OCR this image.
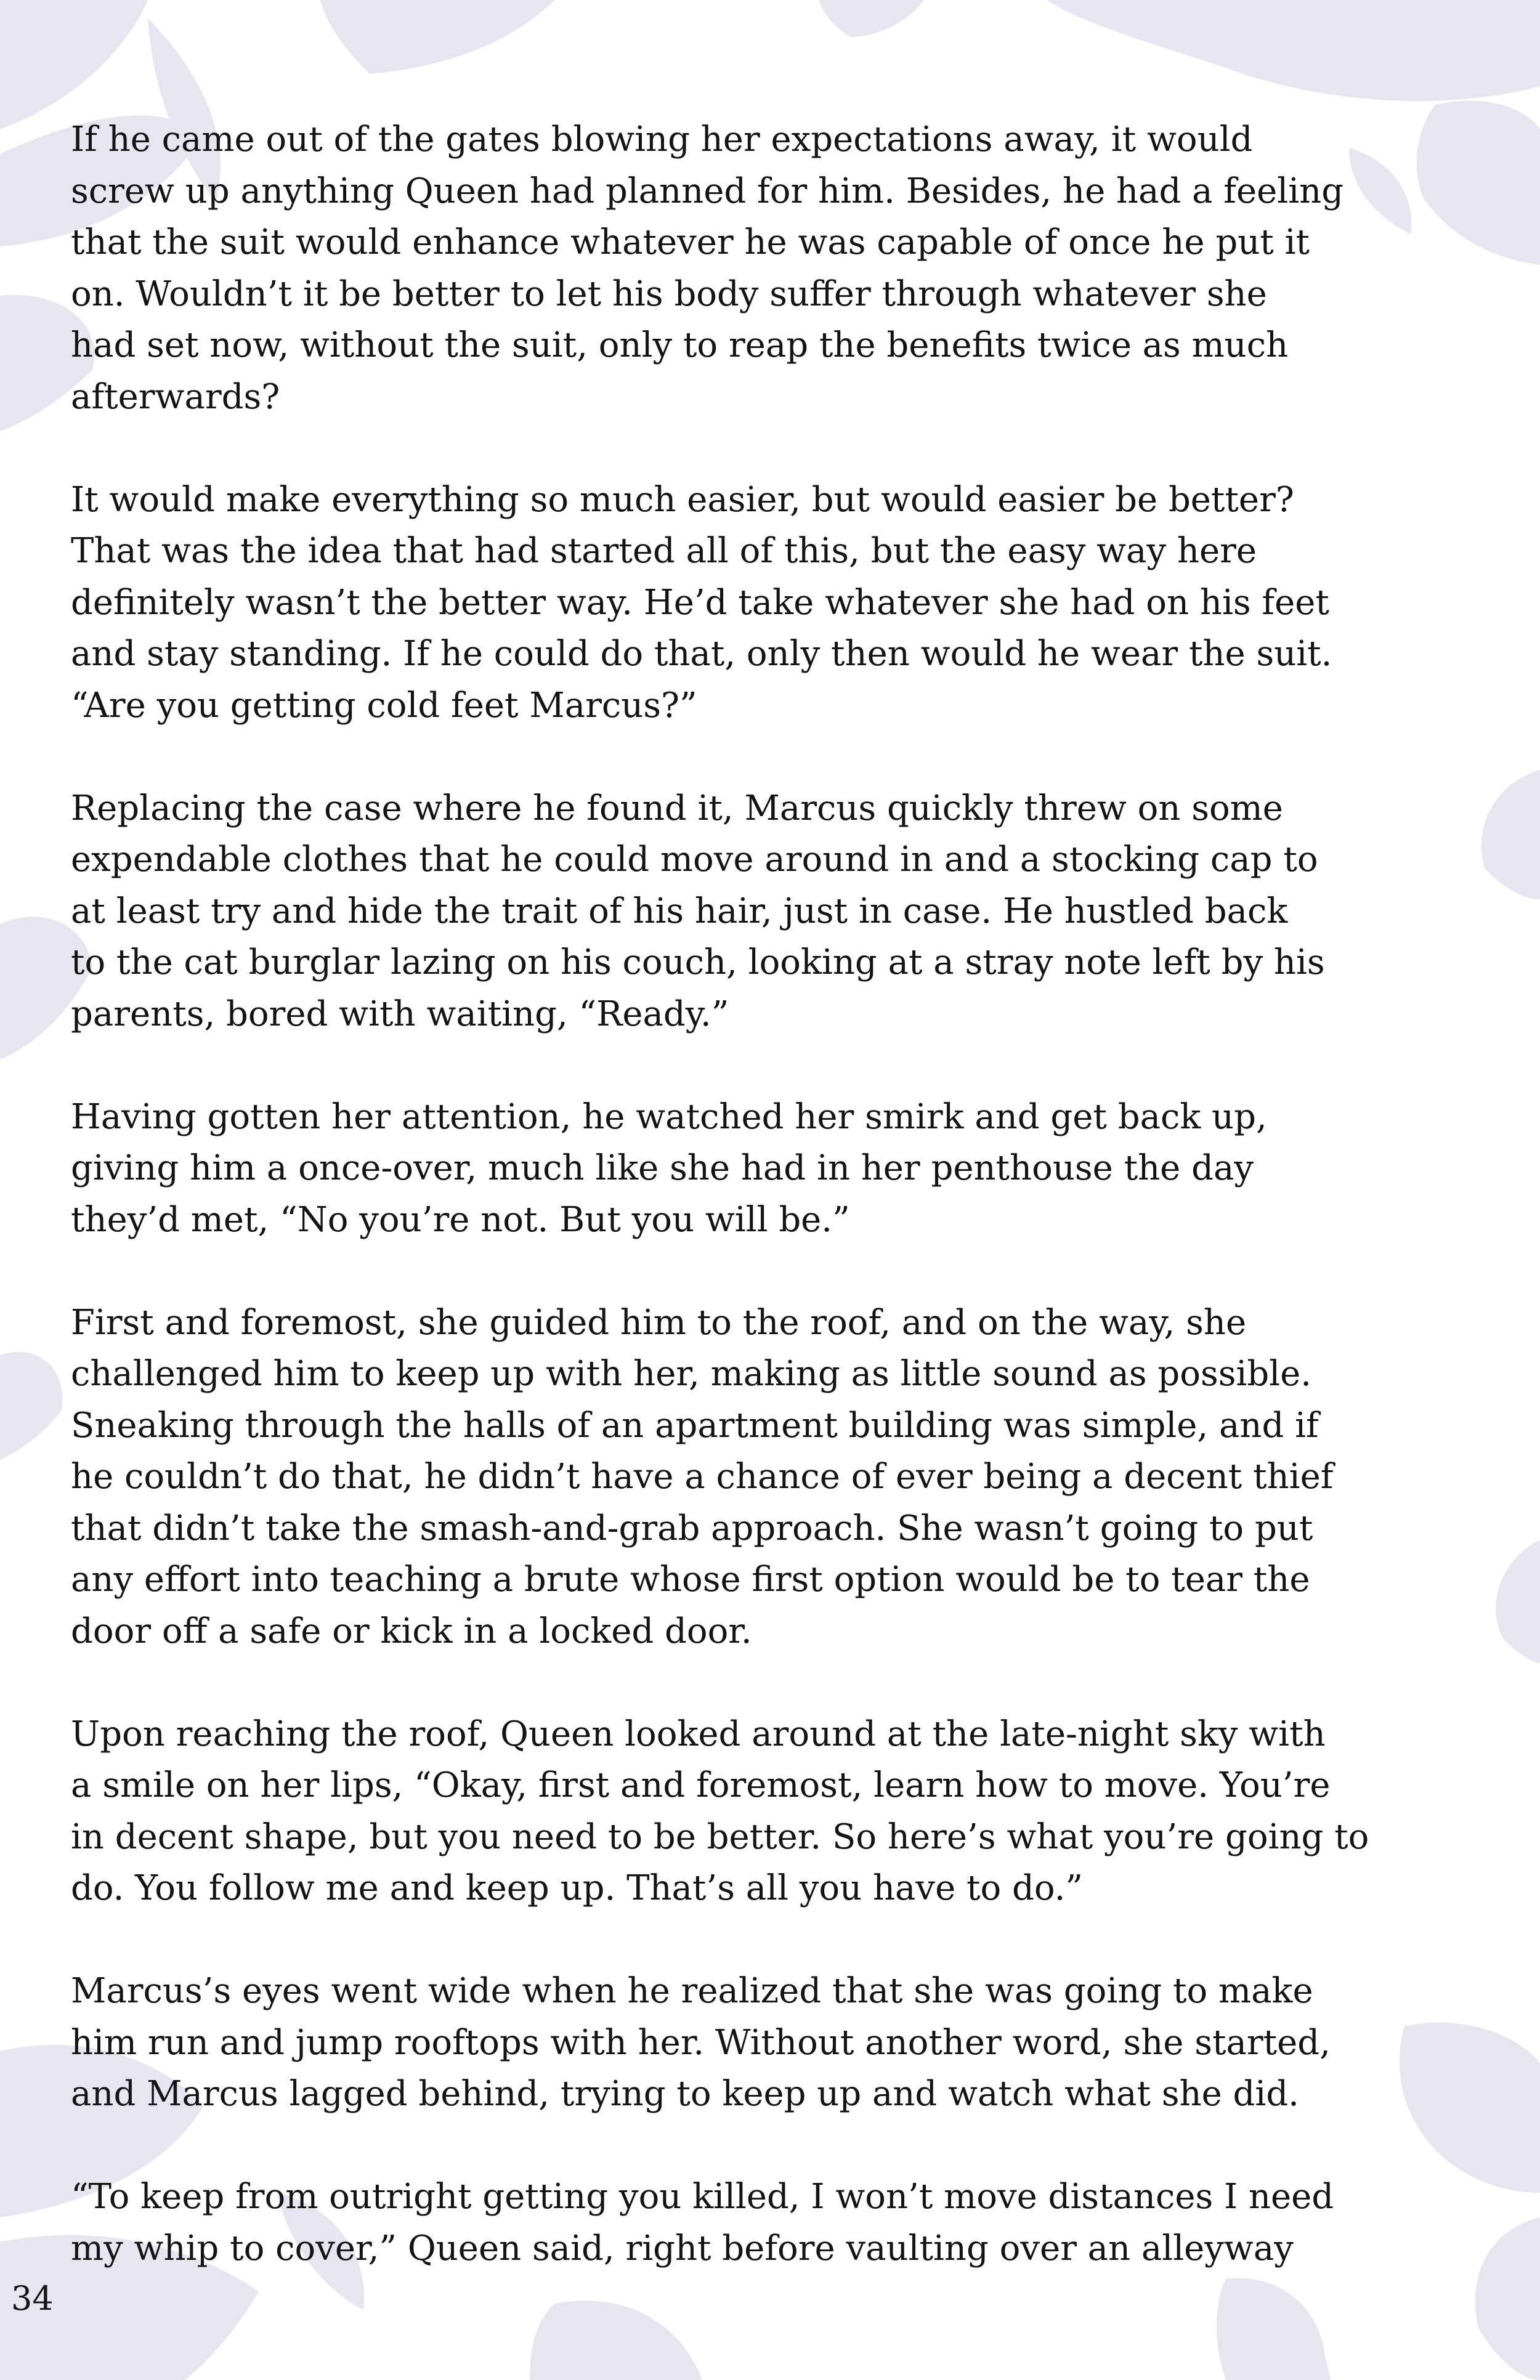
If he came out of the gates blowing her expectations away, it would
screw up anything Queen had planned for him. Besides, he had a feeling
that the suit would enhance whatever he was capable of once he put it
on. Wouldn’t it be better to let his body suffer through whatever she
had set now, without the suit, only to reap the benefits twice as much
afterwards?

It would make everything so much easier, but would easier be better?
That was the idea that had started all of this, but the easy way here
definitely wasn’t the better way. He’d take whatever she had on his feet
and stay standing. If he could do that, only then would he wear the suit.
“Are you getting cold feet Marcus?”

Replacing the case where he found it, Marcus quickly threw on some
expendable clothes that he could move around in and a stocking cap to
at least try and hide the trait of his hair, just in case. He hustled back
to the cat burglar lazing on his couch, looking at a stray note left by his
parents, bored with waiting, “Ready.”

Having gotten her attention, he watched her smirk and get back up,
giving him a once-over, much like she had in her penthouse the day
they’d met, “No you’re not. But you will be.”

First and foremost, she guided him to the roof, and on the way, she
challenged him to keep up with her, making as little sound as possible.
Sneaking through the halls of an apartment building was simple, and if
he couldn’t do that, he didn’t have a chance of ever being a decent thief
that didn’t take the smash-and-grab approach. She wasn’t going to put
any effort into teaching a brute whose first option would be to tear the
door off a safe or kick in a locked door.

Upon reaching the roof, Queen looked around at the late-night sky with
a smile on her lips, “Okay, first and foremost, learn how to move. You’re
in decent shape, but you need to be better. So here’s what you’re going to
do. You follow me and keep up. That’s all you have to do.”

Marcus’s eyes went wide when he realized that she was going to make
him run and jump rooftops with her. Without another word, she started,
and Marcus lagged behind, trying to keep up and watch what she did.

“To keep from outright getting you killed, I won’t move distances I need
my whip to cover,” Queen said, right before vaulting over an alleyway

34
